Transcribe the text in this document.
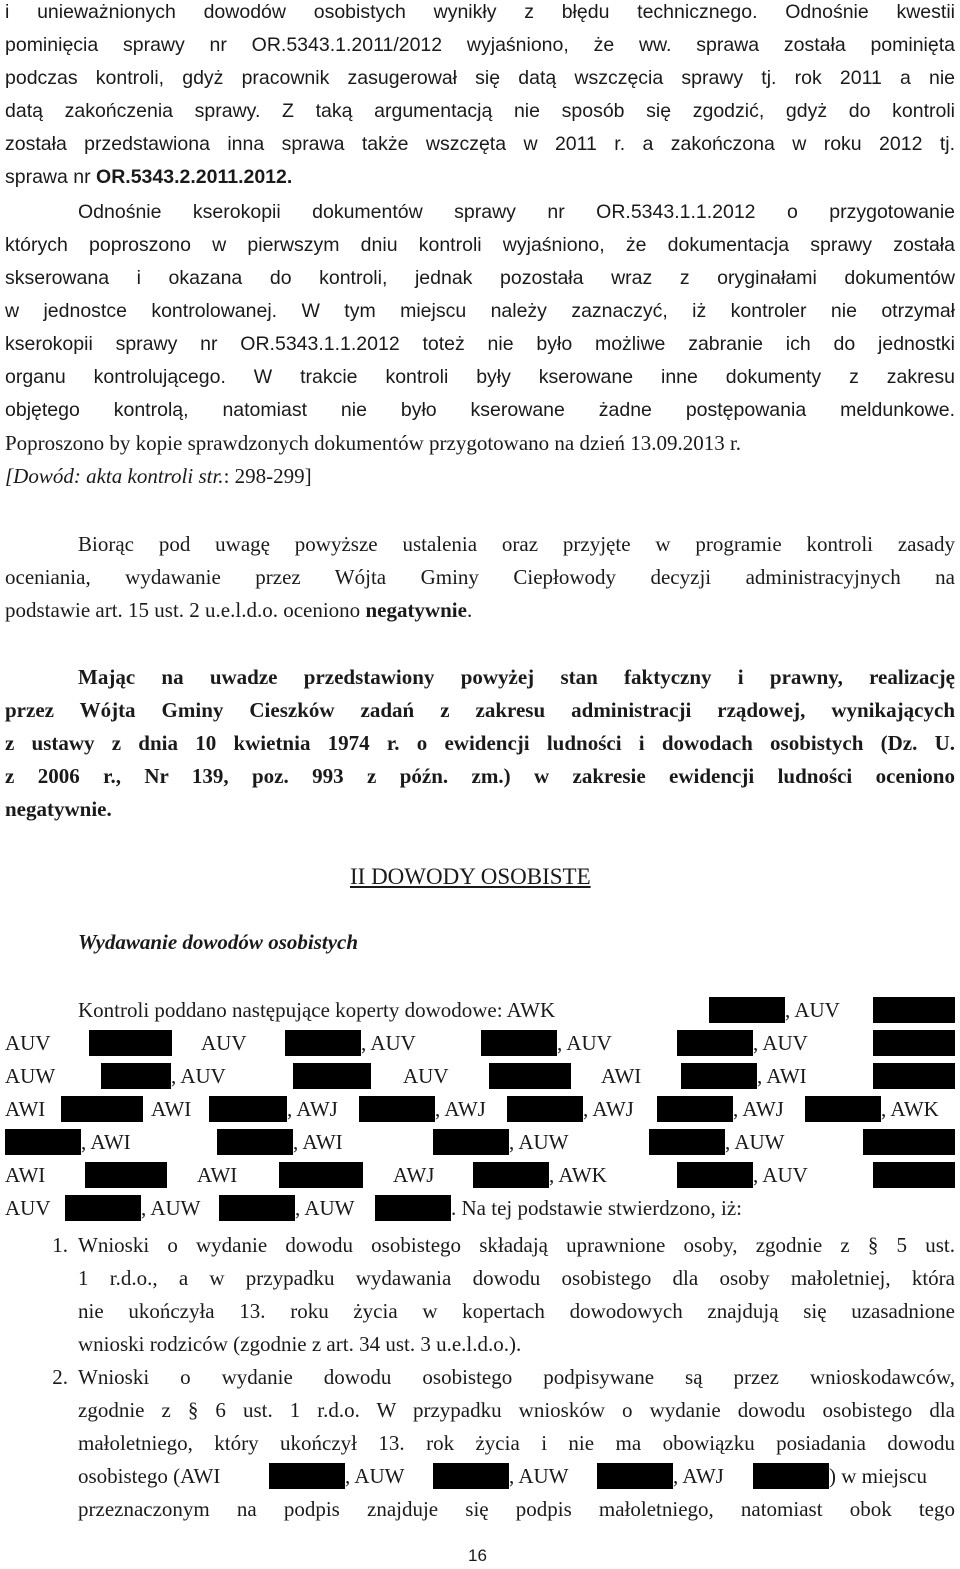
i unieważnionych dowodów osobistych wynikły z błędu technicznego. Odnośnie kwestii
pominięcia sprawy nr OR.5343.1.2011/2012 wyjaśniono, że ww. sprawa została pominięta
podczas kontroli, gdyż pracownik zasugerował się datą wszczęcia sprawy tj. rok 2011 a nie
datą zakończenia sprawy. Z taką argumentacją nie sposób się zgodzić, gdyż do kontroli
została przedstawiona inna sprawa także wszczęta w 2011 r. a zakończona w roku 2012 tj.
sprawa nr OR.5343.2.2011.2012.
Odnośnie kserokopii dokumentów sprawy nr OR.5343.1.1.2012 o przygotowanie
których poproszono w pierwszym dniu kontroli wyjaśniono, że dokumentacja sprawy została
skserowana i okazana do kontroli, jednak pozostała wraz z oryginałami dokumentów
w jednostce kontrolowanej. W tym miejscu należy zaznaczyć, iż kontroler nie otrzymał
kserokopii sprawy nr OR.5343.1.1.2012 toteż nie było możliwe zabranie ich do jednostki
organu kontrolującego. W trakcie kontroli były kserowane inne dokumenty z zakresu
objętego kontrolą, natomiast nie było kserowane żadne postępowania meldunkowe.
Poproszono by kopie sprawdzonych dokumentów przygotowano na dzień 13.09.2013 r.
[Dowód: akta kontroli str.: 298-299]
Biorąc pod uwagę powyższe ustalenia oraz przyjęte w programie kontroli zasady
oceniania, wydawanie przez Wójta Gminy Ciepłowody decyzji administracyjnych na
podstawie art. 15 ust. 2 u.e.l.d.o. oceniono negatywnie.
Mając na uwadze przedstawiony powyżej stan faktyczny i prawny, realizację
przez Wójta Gminy Cieszków zadań z zakresu administracji rządowej, wynikających
z ustawy z dnia 10 kwietnia 1974 r. o ewidencji ludności i dowodach osobistych (Dz. U.
z 2006 r., Nr 139, poz. 993 z późn. zm.) w zakresie ewidencji ludności oceniono
negatywnie.
II DOWODY OSOBISTE
Wydawanie dowodów osobistych
Kontroli poddano następujące koperty dowodowe: AWK	, AUV
AUV	AUV	, AUV	, AUV	, AUV
AUW	, AUV	AUV	AWI	, AWI
AWI	AWI	, AWJ	, AWJ	, AWJ	, AWJ	, AWK
, AWI	, AWI	, AUW	, AUW
AWI	AWI	AWJ	, AWK	, AUV
AUV	, AUW	, AUW	. Na tej podstawie stwierdzono, iż:
1. Wnioski o wydanie dowodu osobistego składają uprawnione osoby, zgodnie z § 5 ust.
1 r.d.o., a w przypadku wydawania dowodu osobistego dla osoby małoletniej, która
nie ukończyła 13. roku życia w kopertach dowodowych znajdują się uzasadnione
wnioski rodziców (zgodnie z art. 34 ust. 3 u.e.l.d.o.).
2. Wnioski o wydanie dowodu osobistego podpisywane są przez wnioskodawców,
zgodnie z § 6 ust. 1 r.d.o. W przypadku wniosków o wydanie dowodu osobistego dla
małoletniego, który ukończył 13. rok życia i nie ma obowiązku posiadania dowodu
przeznaczonym na podpis znajduje się podpis małoletniego, natomiast obok tego
osobistego (AWI	, AUW	, AUW	, AWJ	) w miejscu
16
